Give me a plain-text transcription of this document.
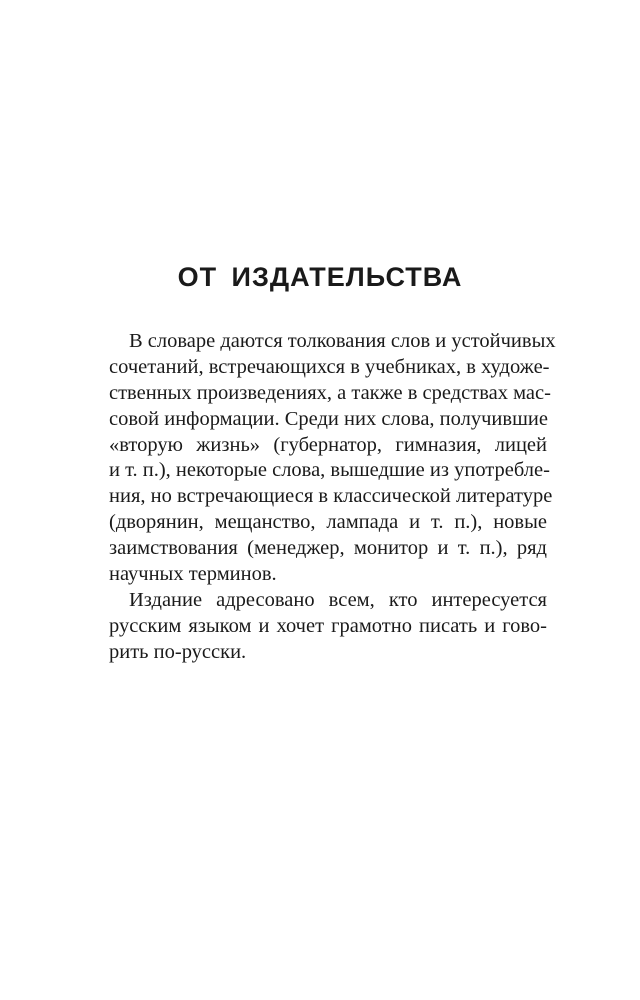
ОТ ИЗДАТЕЛЬСТВА
В словаре даются толкования слов и устойчивых
сочетаний, встречающихся в учебниках, в художе-
ственных произведениях, а также в средствах мас-
совой информации. Среди них слова, получившие
«вторую жизнь» (губернатор, гимназия, лицей
и т. п.), некоторые слова, вышедшие из употребле-
ния, но встречающиеся в классической литературе
(дворянин, мещанство, лампада и т. п.), новые
заимствования (менеджер, монитор и т. п.), ряд
научных терминов.
Издание адресовано всем, кто интересуется
русским языком и хочет грамотно писать и гово-
рить по-русски.
